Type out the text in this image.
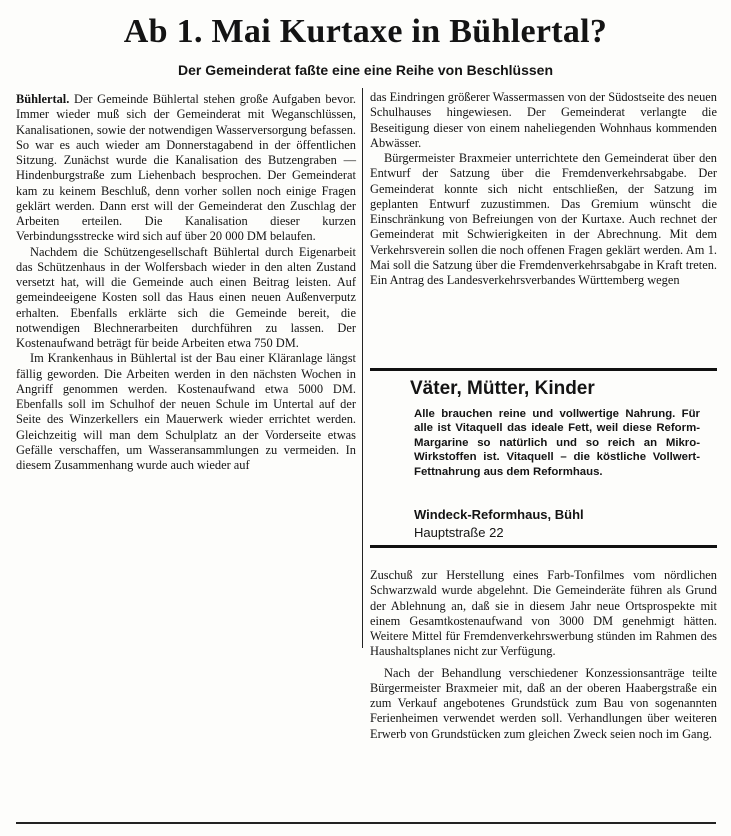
Ab 1. Mai Kurtaxe in Bühlertal?
Der Gemeinderat faßte eine eine Reihe von Beschlüssen

Bühlertal. Der Gemeinde Bühlertal stehen große Aufgaben bevor. Immer wieder muß sich der Gemeinderat mit Weganschlüssen, Kanalisationen, sowie der notwendigen Wasserversorgung befassen. So war es auch wieder am Donnerstagabend in der öffentlichen Sitzung. Zunächst wurde die Kanalisation des Butzengraben — Hindenburgstraße zum Liehenbach besprochen. Der Gemeinderat kam zu keinem Beschluß, denn vorher sollen noch einige Fragen geklärt werden. Dann erst will der Gemeinderat den Zuschlag der Arbeiten erteilen. Die Kanalisation dieser kurzen Verbindungsstrecke wird sich auf über 20 000 DM belaufen.

Nachdem die Schützengesellschaft Bühlertal durch Eigenarbeit das Schützenhaus in der Wolfersbach wieder in den alten Zustand versetzt hat, will die Gemeinde auch einen Beitrag leisten. Auf gemeindeeigene Kosten soll das Haus einen neuen Außenverputz erhalten. Ebenfalls erklärte sich die Gemeinde bereit, die notwendigen Blechnerarbeiten durchführen zu lassen. Der Kostenaufwand beträgt für beide Arbeiten etwa 750 DM.

Im Krankenhaus in Bühlertal ist der Bau einer Kläranlage längst fällig geworden. Die Arbeiten werden in den nächsten Wochen in Angriff genommen werden. Kostenaufwand etwa 5000 DM. Ebenfalls soll im Schulhof der neuen Schule im Untertal auf der Seite des Winzerkellers ein Mauerwerk wieder errichtet werden. Gleichzeitig will man dem Schulplatz an der Vorderseite etwas Gefälle verschaffen, um Wasseransammlungen zu vermeiden. In diesem Zusammenhang wurde auch wieder auf

das Eindringen größerer Wassermassen von der Südostseite des neuen Schulhauses hingewiesen. Der Gemeinderat verlangte die Beseitigung dieser von einem naheliegenden Wohnhaus kommenden Abwässer.

Bürgermeister Braxmeier unterrichtete den Gemeinderat über den Entwurf der Satzung über die Fremdenverkehrsabgabe. Der Gemeinderat konnte sich nicht entschließen, der Satzung im geplanten Entwurf zuzustimmen. Das Gremium wünscht die Einschränkung von Befreiungen von der Kurtaxe. Auch rechnet der Gemeinderat mit Schwierigkeiten in der Abrechnung. Mit dem Verkehrsverein sollen die noch offenen Fragen geklärt werden. Am 1. Mai soll die Satzung über die Fremdenverkehrsabgabe in Kraft treten. Ein Antrag des Landesverkehrsverbandes Württemberg wegen

Väter, Mütter, Kinder
Alle brauchen reine und vollwertige Nahrung. Für alle ist Vitaquell das ideale Fett, weil diese Reform-Margarine so natürlich und so reich an Mikro-Wirkstoffen ist. Vitaquell – die köstliche Vollwert-Fettnahrung aus dem Reformhaus.
Windeck-Reformhaus, Bühl
Hauptstraße 22

Zuschuß zur Herstellung eines Farb-Tonfilmes vom nördlichen Schwarzwald wurde abgelehnt. Die Gemeinderäte führen als Grund der Ablehnung an, daß sie in diesem Jahr neue Ortsprospekte mit einem Gesamtkostenaufwand von 3000 DM genehmigt hätten. Weitere Mittel für Fremdenverkehrswerbung stünden im Rahmen des Haushaltsplanes nicht zur Verfügung.

Nach der Behandlung verschiedener Konzessionsanträge teilte Bürgermeister Braxmeier mit, daß an der oberen Haabergstraße ein zum Verkauf angebotenes Grundstück zum Bau von sogenannten Ferienheimen verwendet werden soll. Verhandlungen über weiteren Erwerb von Grundstücken zum gleichen Zweck seien noch im Gang.
